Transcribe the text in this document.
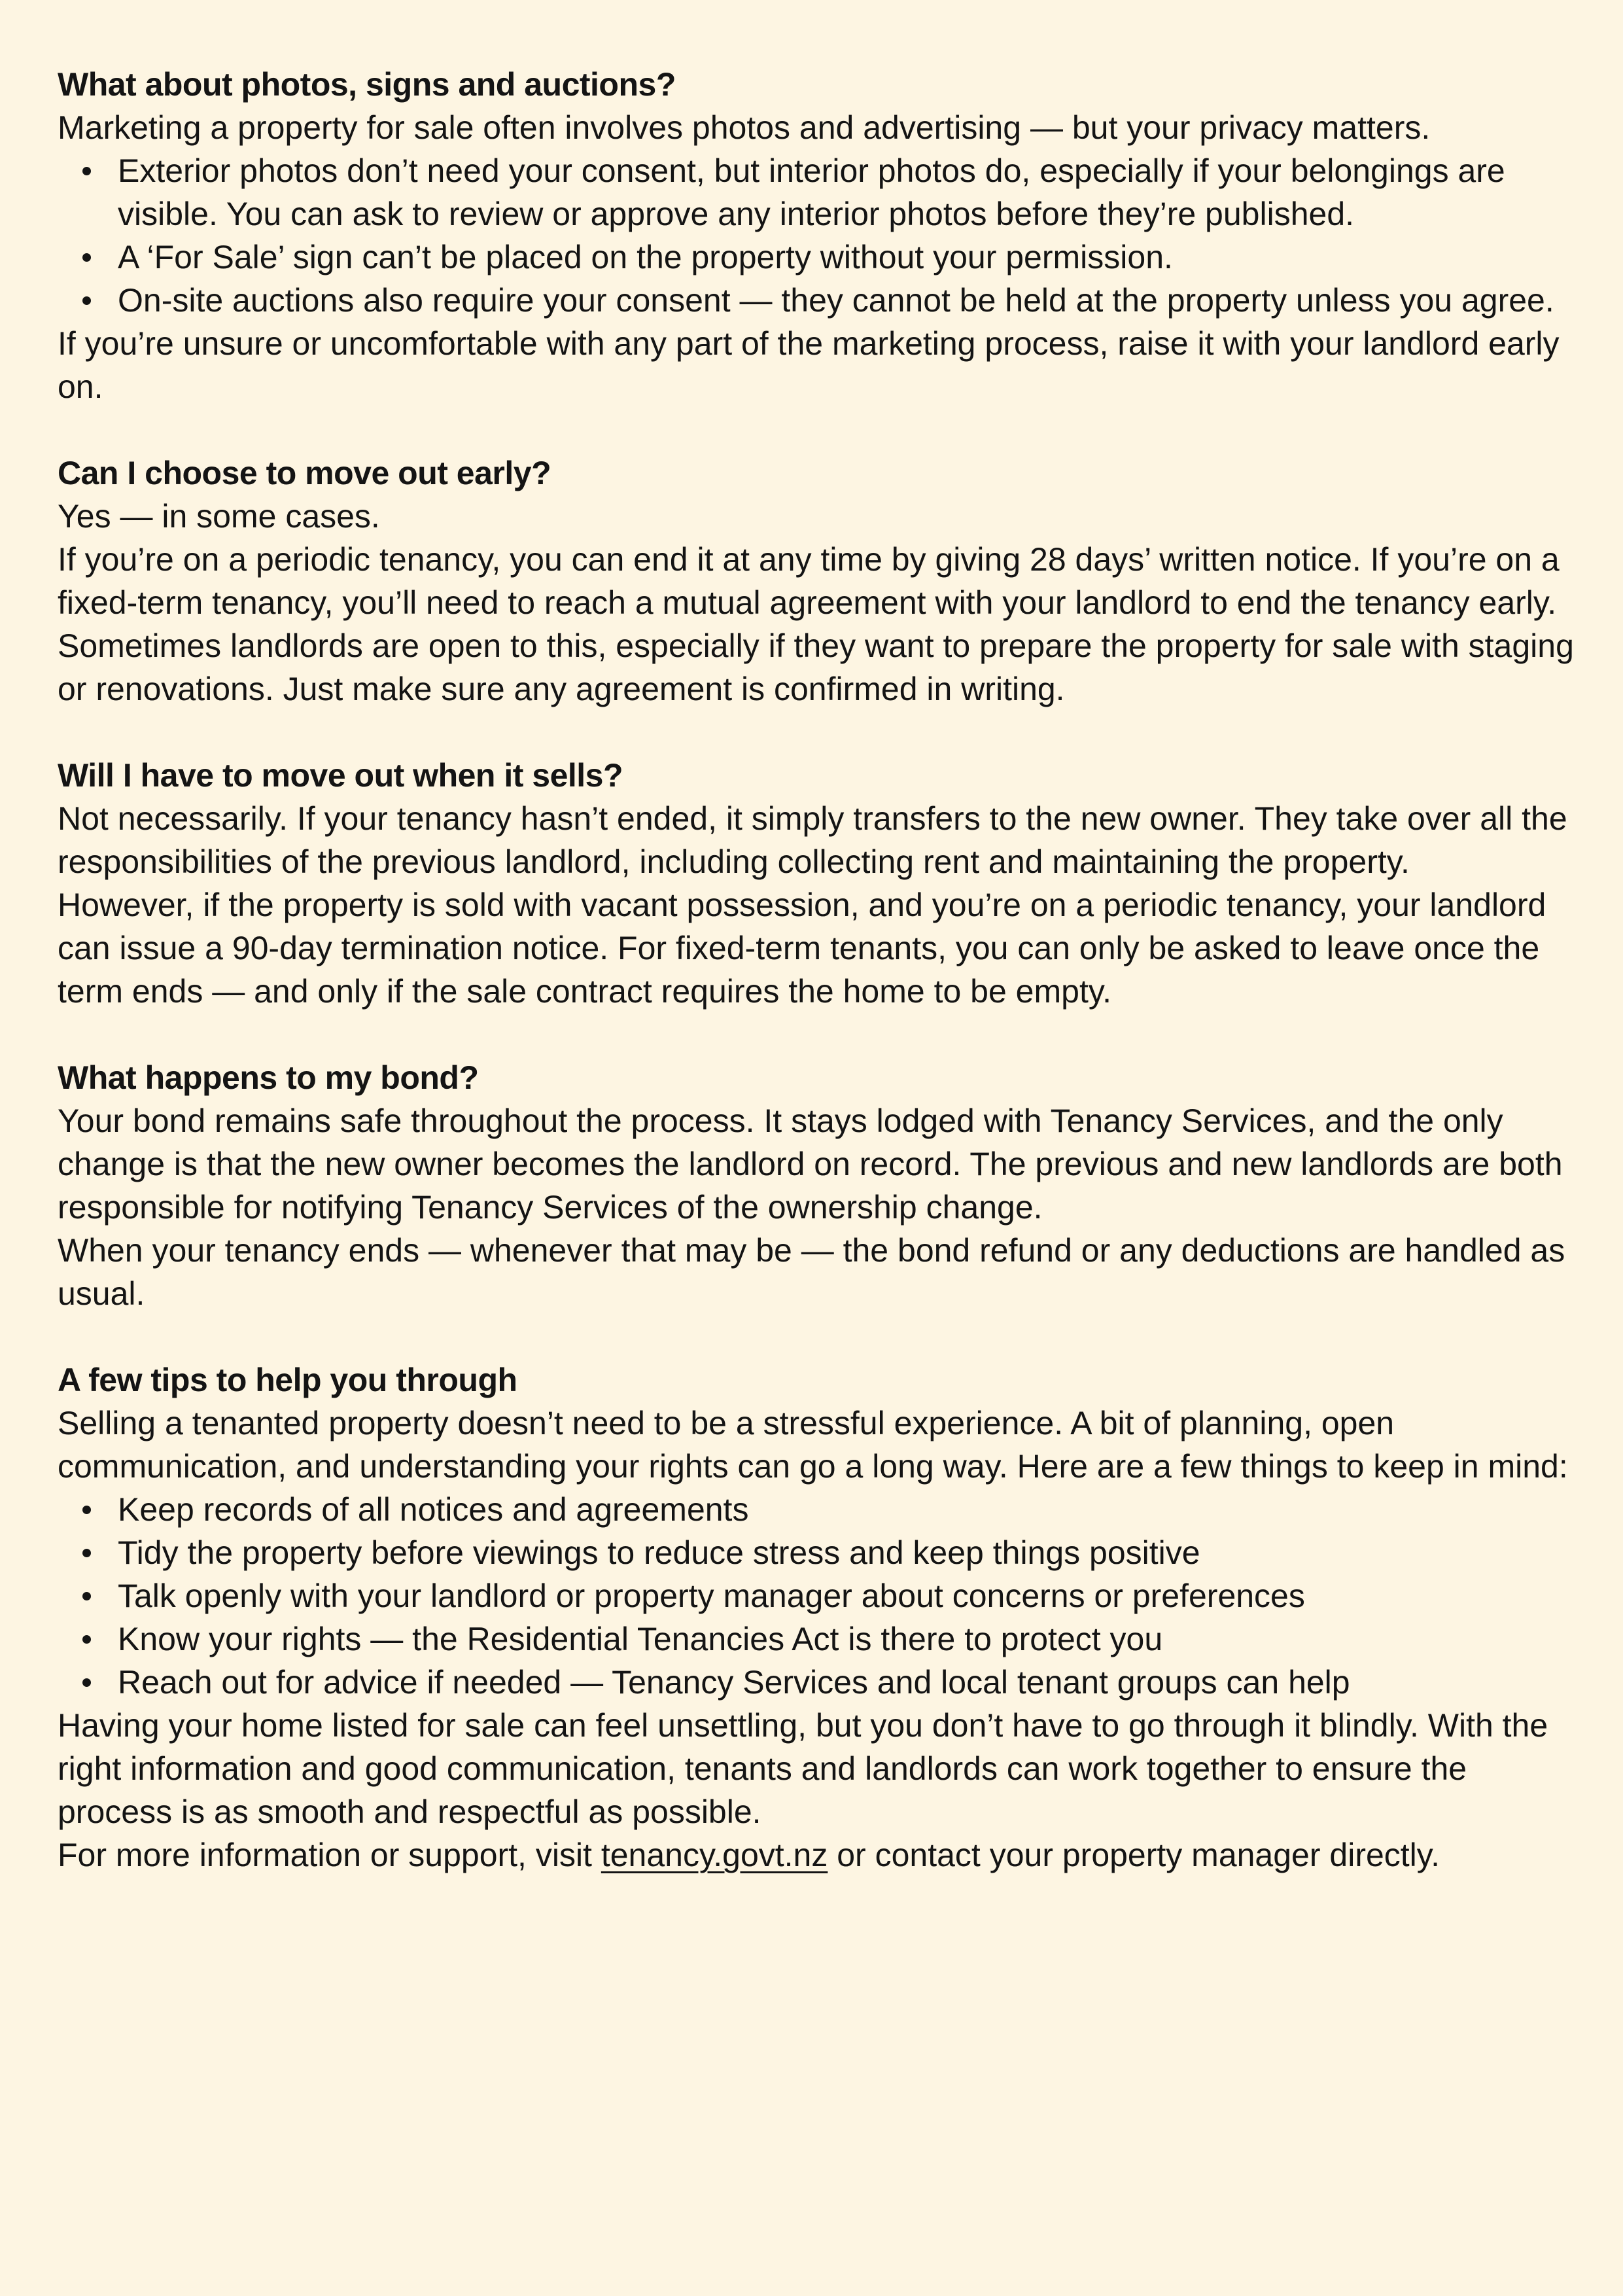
What about photos, signs and auctions?

Marketing a property for sale often involves photos and advertising — but your privacy matters.

Exterior photos don’t need your consent, but interior photos do, especially if your belongings are visible. You can ask to review or approve any interior photos before they’re published.
A ‘For Sale’ sign can’t be placed on the property without your permission.
On-site auctions also require your consent — they cannot be held at the property unless you agree.

If you’re unsure or uncomfortable with any part of the marketing process, raise it with your landlord early on.

Can I choose to move out early?

Yes — in some cases.

If you’re on a periodic tenancy, you can end it at any time by giving 28 days’ written notice. If you’re on a fixed-term tenancy, you’ll need to reach a mutual agreement with your landlord to end the tenancy early.

Sometimes landlords are open to this, especially if they want to prepare the property for sale with staging or renovations. Just make sure any agreement is confirmed in writing.

Will I have to move out when it sells?

Not necessarily. If your tenancy hasn’t ended, it simply transfers to the new owner. They take over all the responsibilities of the previous landlord, including collecting rent and maintaining the property.

However, if the property is sold with vacant possession, and you’re on a periodic tenancy, your landlord can issue a 90-day termination notice. For fixed-term tenants, you can only be asked to leave once the term ends — and only if the sale contract requires the home to be empty.

What happens to my bond?

Your bond remains safe throughout the process. It stays lodged with Tenancy Services, and the only change is that the new owner becomes the landlord on record. The previous and new landlords are both responsible for notifying Tenancy Services of the ownership change.

When your tenancy ends — whenever that may be — the bond refund or any deductions are handled as usual.

A few tips to help you through

Selling a tenanted property doesn’t need to be a stressful experience. A bit of planning, open communication, and understanding your rights can go a long way. Here are a few things to keep in mind:

Keep records of all notices and agreements
Tidy the property before viewings to reduce stress and keep things positive
Talk openly with your landlord or property manager about concerns or preferences
Know your rights — the Residential Tenancies Act is there to protect you
Reach out for advice if needed — Tenancy Services and local tenant groups can help

Having your home listed for sale can feel unsettling, but you don’t have to go through it blindly. With the right information and good communication, tenants and landlords can work together to ensure the process is as smooth and respectful as possible.

For more information or support, visit tenancy.govt.nz or contact your property manager directly.
